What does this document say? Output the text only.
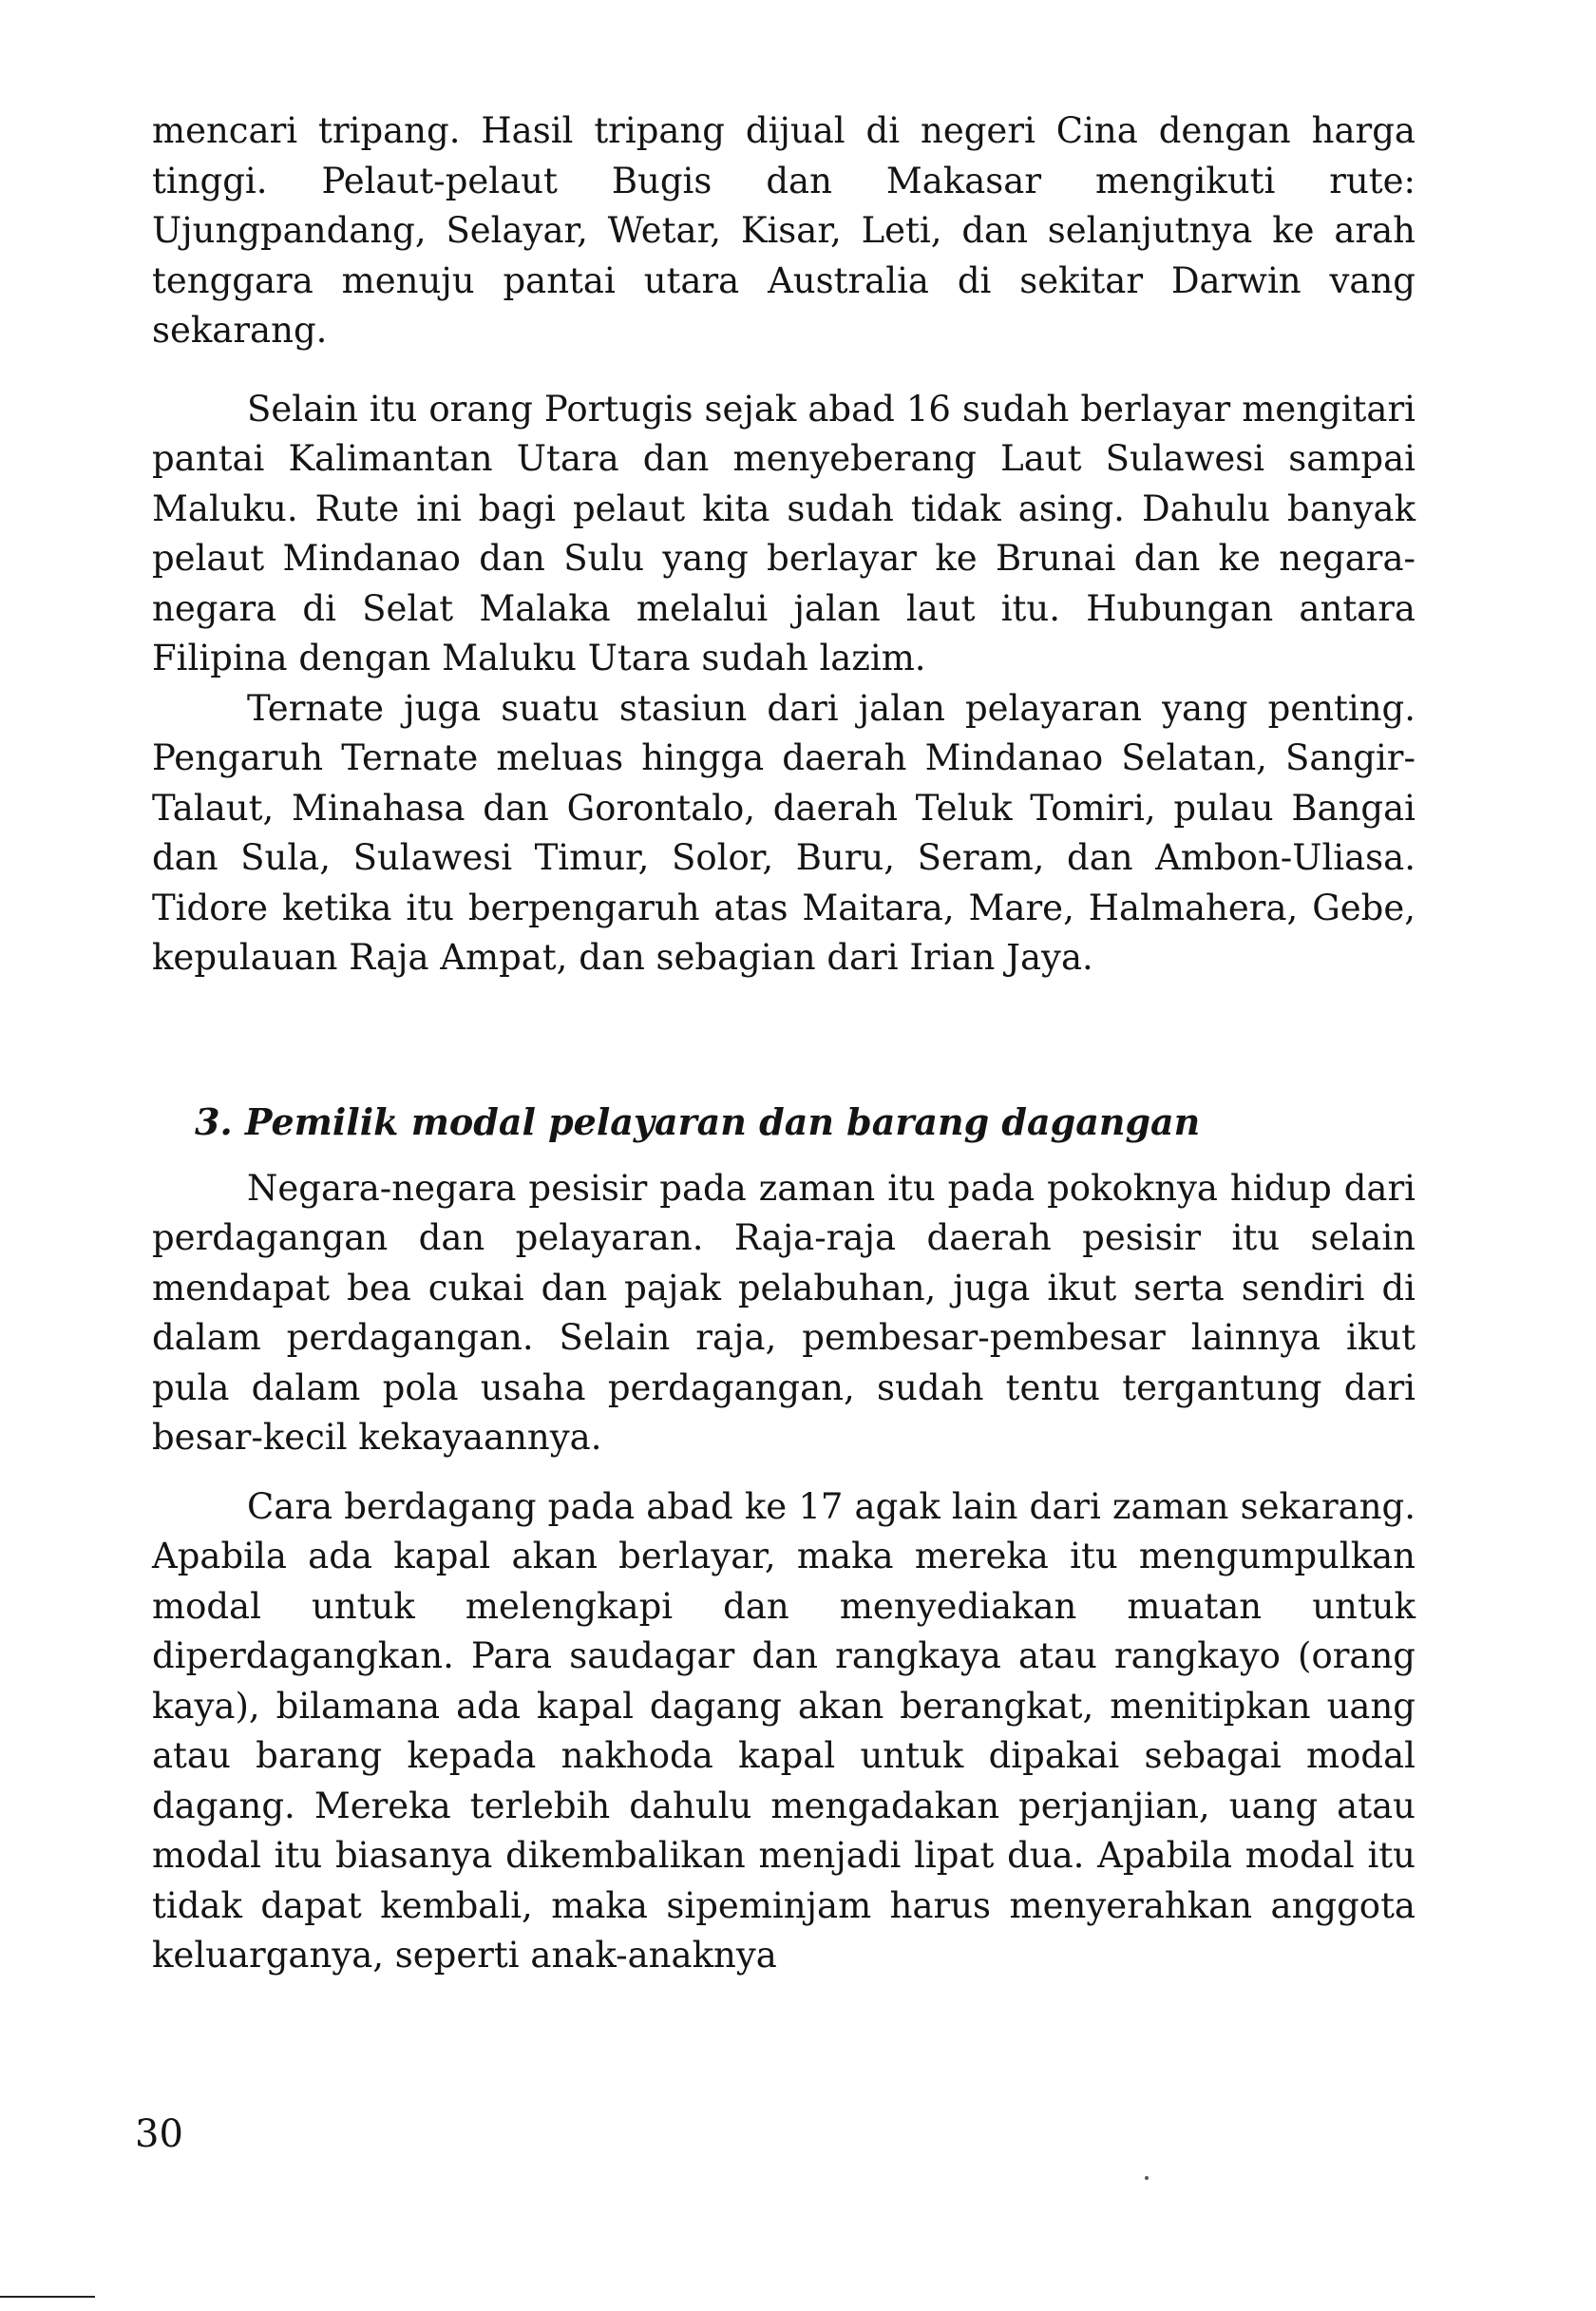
mencari tripang. Hasil tripang dijual di negeri Cina dengan harga tinggi. Pelaut-pelaut Bugis dan Makasar mengikuti rute: Ujungpandang, Selayar, Wetar, Kisar, Leti, dan selanjutnya ke arah tenggara menuju pantai utara Australia di sekitar Darwin vang sekarang.

Selain itu orang Portugis sejak abad 16 sudah berlayar mengitari pantai Kalimantan Utara dan menyeberang Laut Sulawesi sampai Maluku. Rute ini bagi pelaut kita sudah tidak asing. Dahulu banyak pelaut Mindanao dan Sulu yang berlayar ke Brunai dan ke negara-negara di Selat Malaka melalui jalan laut itu. Hubungan antara Filipina dengan Maluku Utara sudah lazim.

Ternate juga suatu stasiun dari jalan pelayaran yang penting. Pengaruh Ternate meluas hingga daerah Mindanao Selatan, Sangir-Talaut, Minahasa dan Gorontalo, daerah Teluk Tomiri, pulau Bangai dan Sula, Sulawesi Timur, Solor, Buru, Seram, dan Ambon-Uliasa. Tidore ketika itu berpengaruh atas Maitara, Mare, Halmahera, Gebe, kepulauan Raja Ampat, dan sebagian dari Irian Jaya.

3. Pemilik modal pelayaran dan barang dagangan

Negara-negara pesisir pada zaman itu pada pokoknya hidup dari perdagangan dan pelayaran. Raja-raja daerah pesisir itu selain mendapat bea cukai dan pajak pelabuhan, juga ikut serta sendiri di dalam perdagangan. Selain raja, pembesar-pembesar lainnya ikut pula dalam pola usaha perdagangan, sudah tentu tergantung dari besar-kecil kekayaannya.

Cara berdagang pada abad ke 17 agak lain dari zaman sekarang. Apabila ada kapal akan berlayar, maka mereka itu mengumpulkan modal untuk melengkapi dan menyediakan muatan untuk diperdagangkan. Para saudagar dan rangkaya atau rangkayo (orang kaya), bilamana ada kapal dagang akan berangkat, menitipkan uang atau barang kepada nakhoda kapal untuk dipakai sebagai modal dagang. Mereka terlebih dahulu mengadakan perjanjian, uang atau modal itu biasanya dikembalikan menjadi lipat dua. Apabila modal itu tidak dapat kembali, maka sipeminjam harus menyerahkan anggota keluarganya, seperti anak-anaknya

30
